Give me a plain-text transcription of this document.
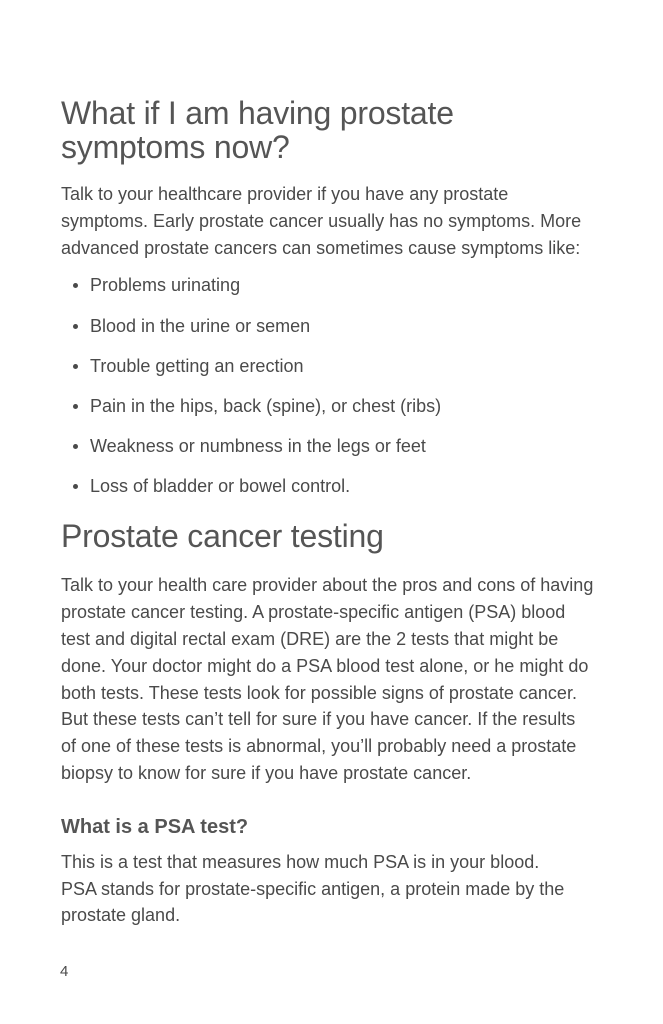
What if I am having prostate
symptoms now?

Talk to your healthcare provider if you have any prostate
symptoms. Early prostate cancer usually has no symptoms. More
advanced prostate cancers can sometimes cause symptoms like:

Problems urinating
Blood in the urine or semen
Trouble getting an erection
Pain in the hips, back (spine), or chest (ribs)
Weakness or numbness in the legs or feet
Loss of bladder or bowel control.
Prostate cancer testing

Talk to your health care provider about the pros and cons of having
prostate cancer testing. A prostate-specific antigen (PSA) blood
test and digital rectal exam (DRE) are the 2 tests that might be
done. Your doctor might do a PSA blood test alone, or he might do
both tests. These tests look for possible signs of prostate cancer.
But these tests can’t tell for sure if you have cancer. If the results
of one of these tests is abnormal, you’ll probably need a prostate
biopsy to know for sure if you have prostate cancer.

What is a PSA test?

This is a test that measures how much PSA is in your blood.
PSA stands for prostate-specific antigen, a protein made by the
prostate gland.

4
